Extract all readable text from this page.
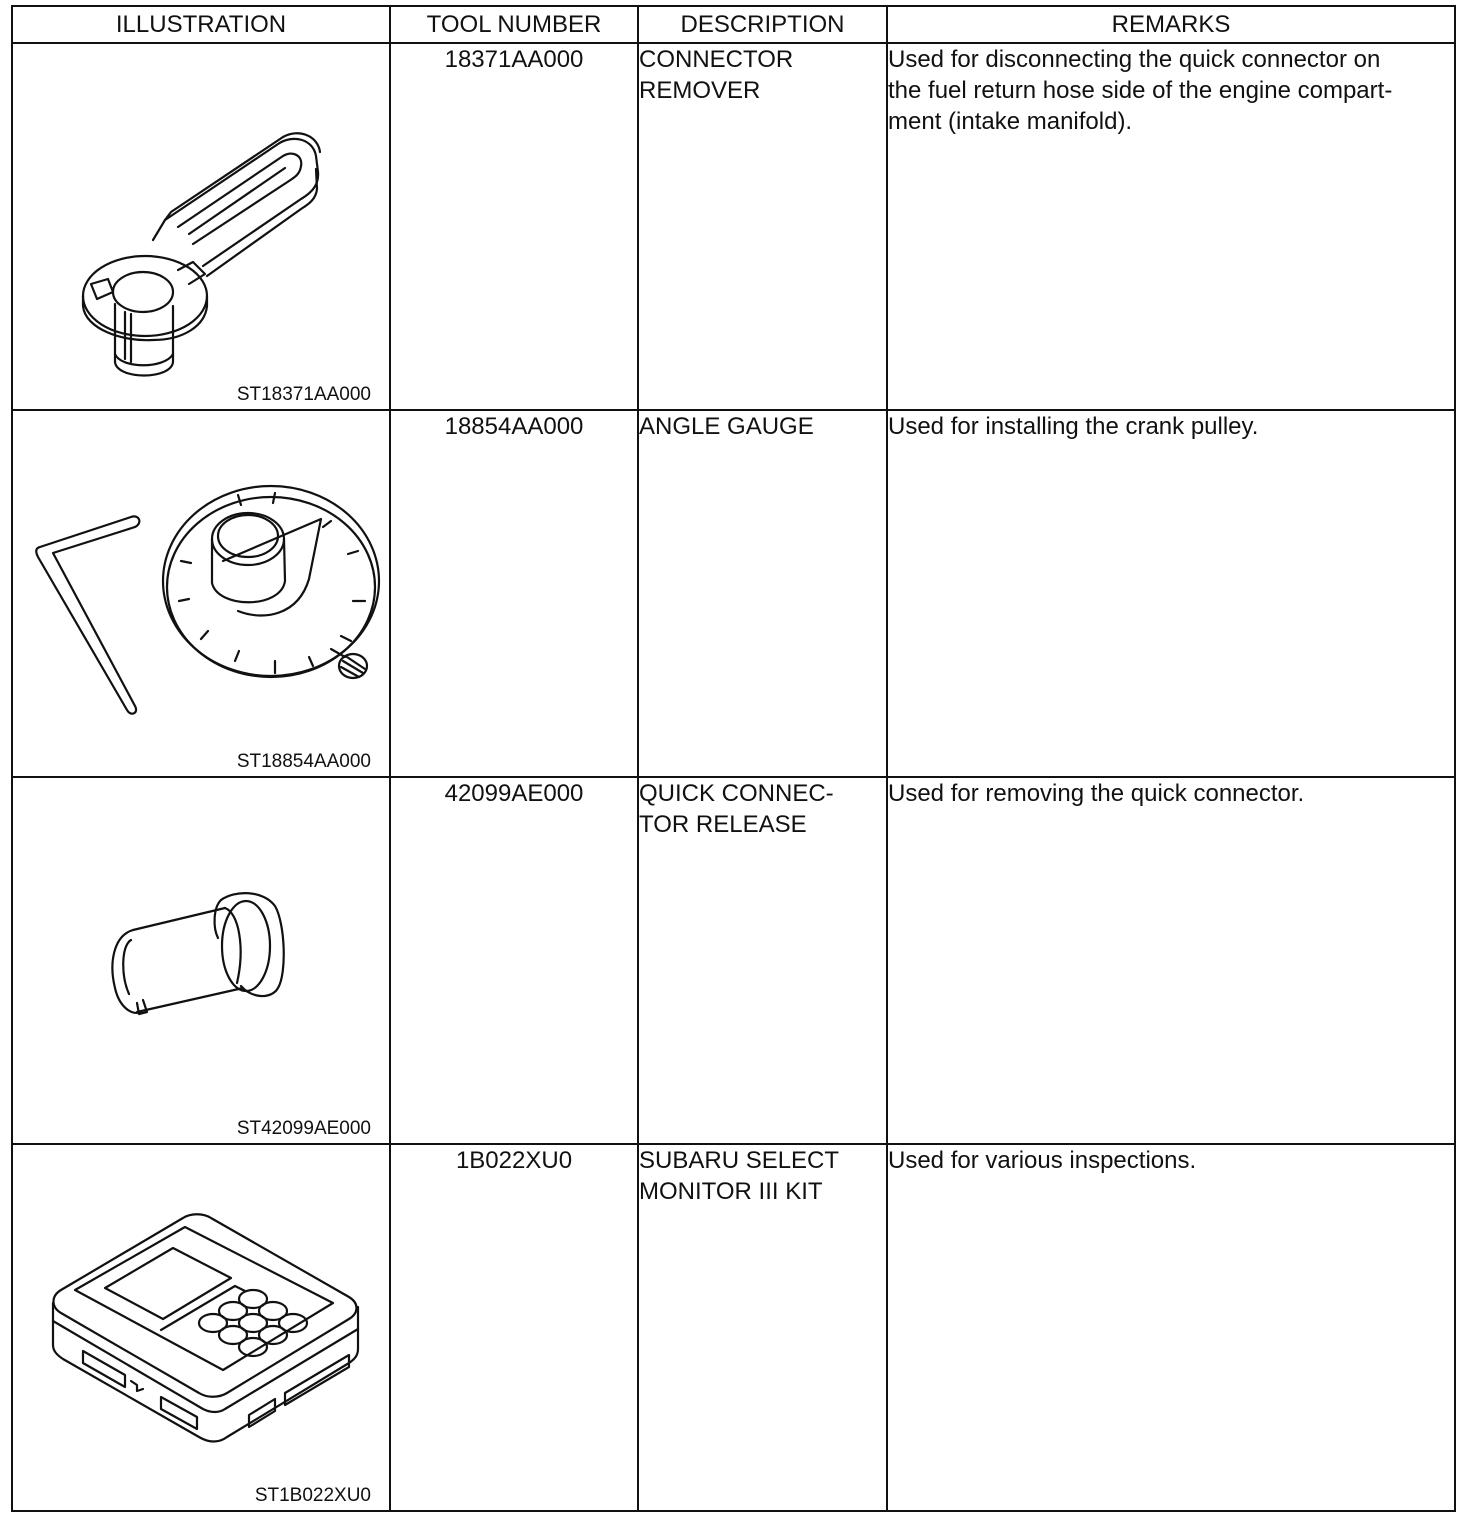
ILLUSTRATION	TOOL NUMBER	DESCRIPTION	REMARKS

ST18371AA000	18371AA000	CONNECTOR
REMOVER	Used for disconnecting the quick connector on
the fuel return hose side of the engine compart-
ment (intake manifold).

ST18854AA000	18854AA000	ANGLE GAUGE	Used for installing the crank pulley.

ST42099AE000	42099AE000	QUICK CONNEC-
TOR RELEASE	Used for removing the quick connector.

ST1B022XU0	1B022XU0	SUBARU SELECT
MONITOR III KIT	Used for various inspections.
